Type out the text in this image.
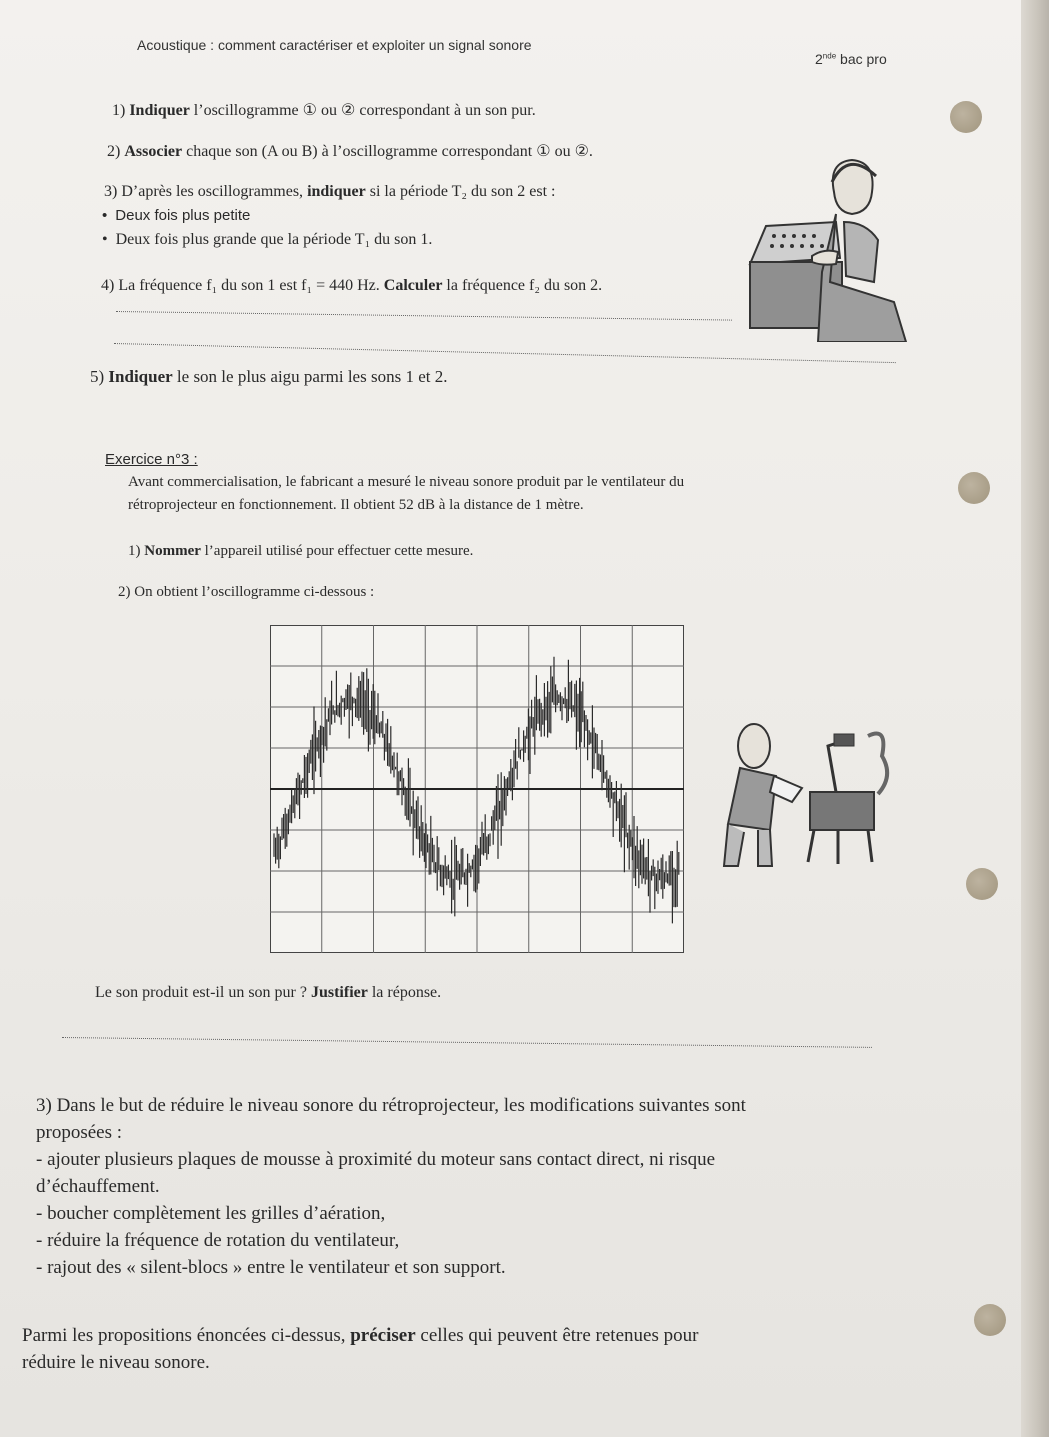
Acoustique : comment caractériser et exploiter un signal sonore
2nde bac pro
1) Indiquer l’oscillogramme ① ou ② correspondant à un son pur.
2) Associer chaque son (A ou B) à l’oscillogramme correspondant ① ou ②.
3) D’après les oscillogrammes, indiquer si la période T₂ du son 2 est :
• Deux fois plus petite
• Deux fois plus grande que la période T₁ du son 1.
4) La fréquence f₁ du son 1 est f₁ = 440 Hz. Calculer la fréquence f₂ du son 2.
5) Indiquer le son le plus aigu parmi les sons 1 et 2.
Exercice n°3 :
Avant commercialisation, le fabricant a mesuré le niveau sonore produit par le ventilateur du
rétroprojecteur en fonctionnement. Il obtient 52 dB à la distance de 1 mètre.
1) Nommer l’appareil utilisé pour effectuer cette mesure.
2) On obtient l’oscillogramme ci-dessous :
Le son produit est-il un son pur ? Justifier la réponse.
3) Dans le but de réduire le niveau sonore du rétroprojecteur, les modifications suivantes sont
proposées :
- ajouter plusieurs plaques de mousse à proximité du moteur sans contact direct, ni risque
d’échauffement.
- boucher complètement les grilles d’aération,
- réduire la fréquence de rotation du ventilateur,
- rajout des « silent-blocs » entre le ventilateur et son support.
Parmi les propositions énoncées ci-dessus, préciser celles qui peuvent être retenues pour
réduire le niveau sonore.
